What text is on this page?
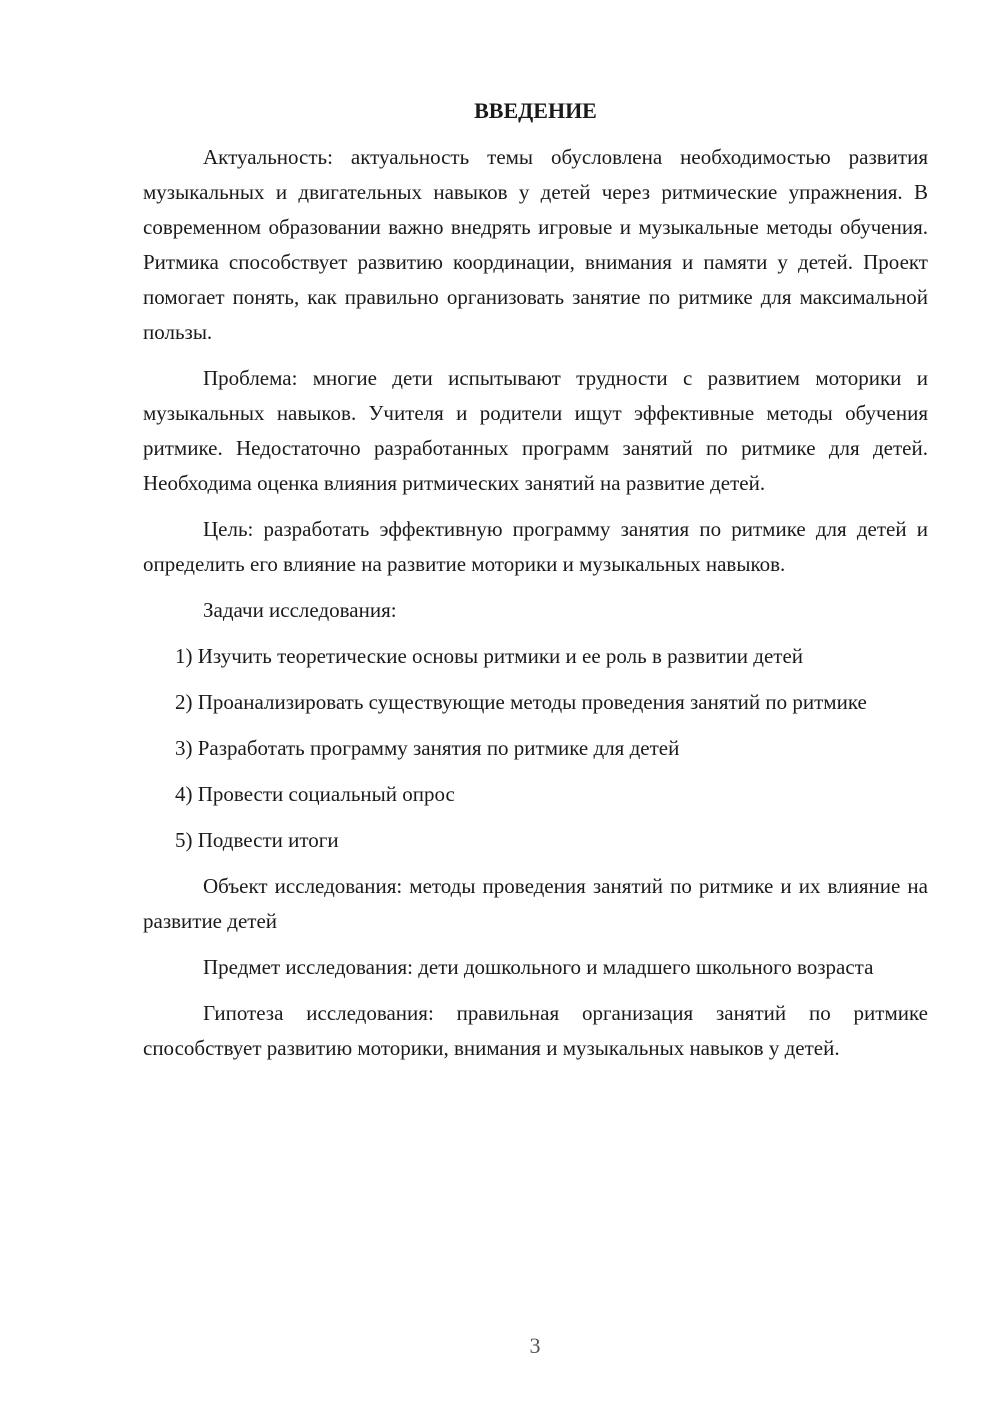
ВВЕДЕНИЕ

Актуальность: актуальность темы обусловлена необходимостью развития музыкальных и двигательных навыков у детей через ритмические упражнения. В современном образовании важно внедрять игровые и музыкальные методы обучения. Ритмика способствует развитию координации, внимания и памяти у детей. Проект помогает понять, как правильно организовать занятие по ритмике для максимальной пользы.

Проблема: многие дети испытывают трудности с развитием моторики и музыкальных навыков. Учителя и родители ищут эффективные методы обучения ритмике. Недостаточно разработанных программ занятий по ритмике для детей. Необходима оценка влияния ритмических занятий на развитие детей.

Цель: разработать эффективную программу занятия по ритмике для детей и определить его влияние на развитие моторики и музыкальных навыков.

Задачи исследования:

1) Изучить теоретические основы ритмики и ее роль в развитии детей

2) Проанализировать существующие методы проведения занятий по ритмике

3) Разработать программу занятия по ритмике для детей

4) Провести социальный опрос

5) Подвести итоги

Объект исследования: методы проведения занятий по ритмике и их влияние на развитие детей

Предмет исследования: дети дошкольного и младшего школьного возраста

Гипотеза исследования: правильная организация занятий по ритмике способствует развитию моторики, внимания и музыкальных навыков у детей.

3
